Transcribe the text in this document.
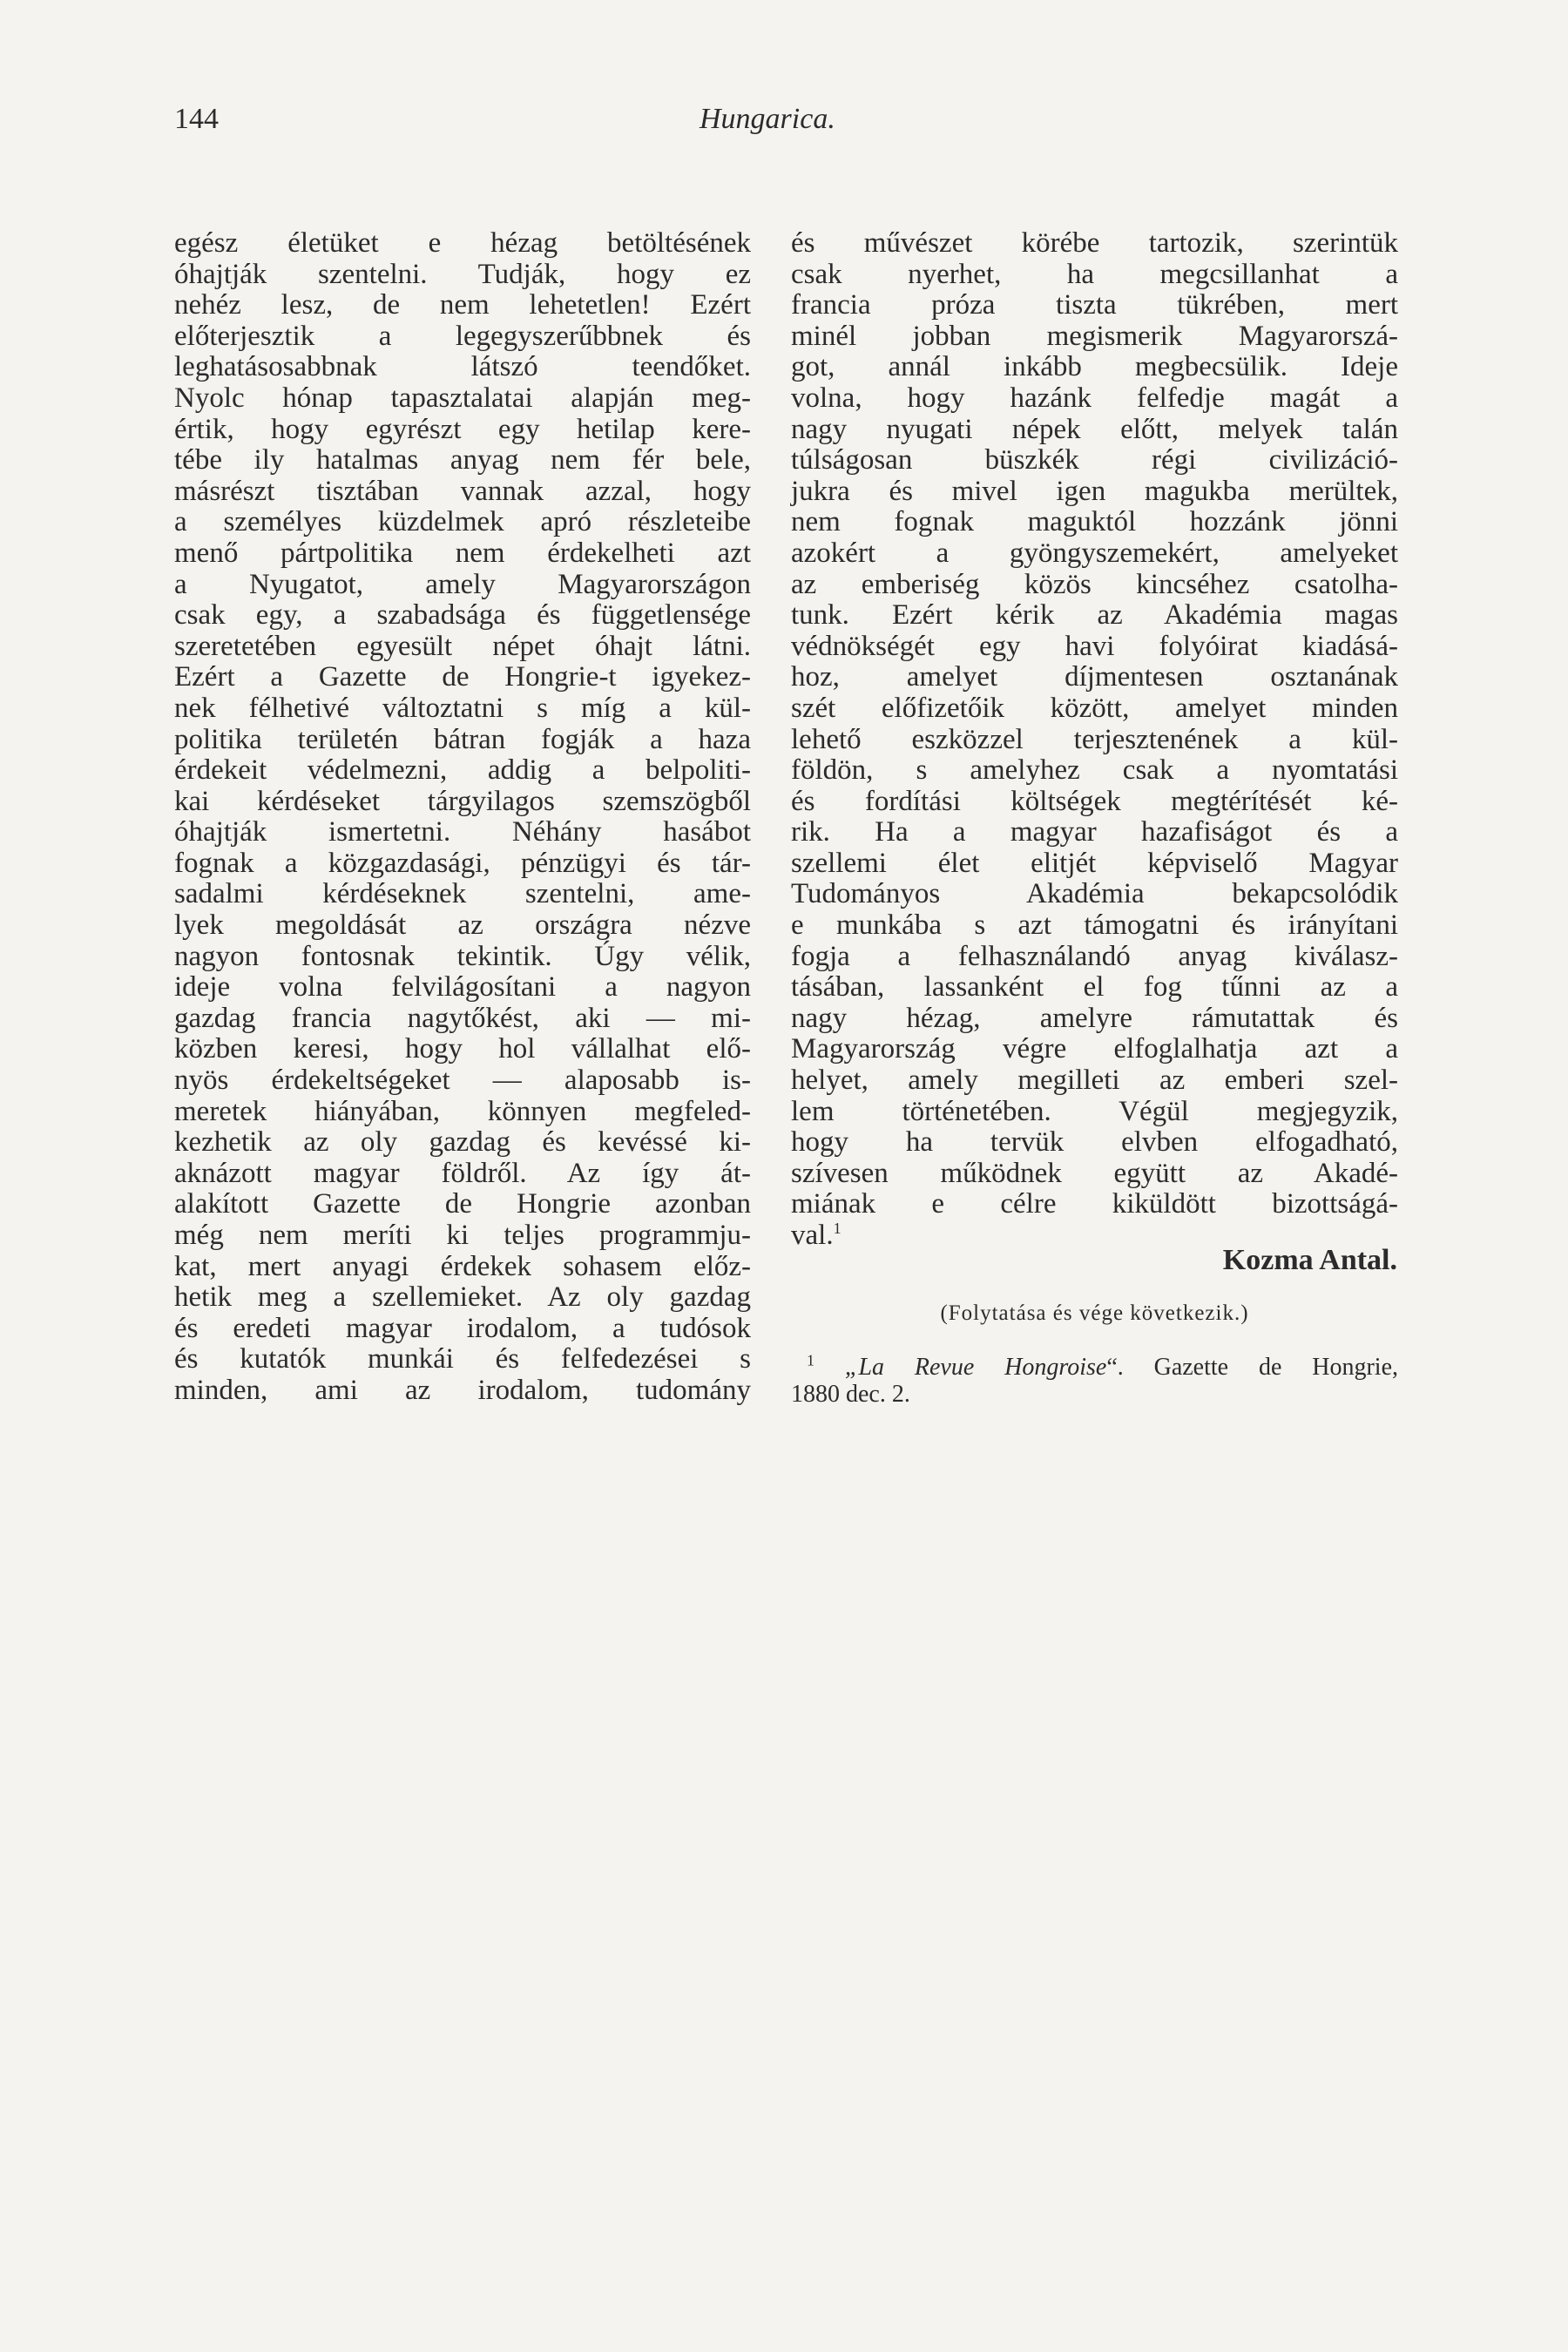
144	Hungarica.
egész életüket e hézag betöltésének
óhajtják szentelni. Tudják, hogy ez
nehéz lesz, de nem lehetetlen! Ezért
előterjesztik a legegyszerűbbnek és
leghatásosabbnak látszó teendőket.
Nyolc hónap tapasztalatai alapján meg-
értik, hogy egyrészt egy hetilap kere-
tébe ily hatalmas anyag nem fér bele,
másrészt tisztában vannak azzal, hogy
a személyes küzdelmek apró részleteibe
menő pártpolitika nem érdekelheti azt
a Nyugatot, amely Magyarországon
csak egy, a szabadsága és függetlensége
szeretetében egyesült népet óhajt látni.
Ezért a Gazette de Hongrie-t igyekez-
nek félhetivé változtatni s míg a kül-
politika területén bátran fogják a haza
érdekeit védelmezni, addig a belpoliti-
kai kérdéseket tárgyilagos szemszögből
óhajtják ismertetni. Néhány hasábot
fognak a közgazdasági, pénzügyi és tár-
sadalmi kérdéseknek szentelni, ame-
lyek megoldását az országra nézve
nagyon fontosnak tekintik. Úgy vélik,
ideje volna felvilágosítani a nagyon
gazdag francia nagytőkést, aki — mi-
közben keresi, hogy hol vállalhat elő-
nyös érdekeltségeket — alaposabb is-
meretek hiányában, könnyen megfeled-
kezhetik az oly gazdag és kevéssé ki-
aknázott magyar földről. Az így át-
alakított Gazette de Hongrie azonban
még nem meríti ki teljes programmju-
kat, mert anyagi érdekek sohasem előz-
hetik meg a szellemieket. Az oly gazdag
és eredeti magyar irodalom, a tudósok
és kutatók munkái és felfedezései s
minden, ami az irodalom, tudomány
és művészet körébe tartozik, szerintük
csak nyerhet, ha megcsillanhat a
francia próza tiszta tükrében, mert
minél jobban megismerik Magyarorszá-
got, annál inkább megbecsülik. Ideje
volna, hogy hazánk felfedje magát a
nagy nyugati népek előtt, melyek talán
túlságosan büszkék régi civilizáció-
jukra és mivel igen magukba merültek,
nem fognak maguktól hozzánk jönni
azokért a gyöngyszemekért, amelyeket
az emberiség közös kincséhez csatolha-
tunk. Ezért kérik az Akadémia magas
védnökségét egy havi folyóirat kiadásá-
hoz, amelyet díjmentesen osztanának
szét előfizetőik között, amelyet minden
lehető eszközzel terjesztenének a kül-
földön, s amelyhez csak a nyomtatási
és fordítási költségek megtérítését ké-
rik. Ha a magyar hazafiságot és a
szellemi élet elitjét képviselő Magyar
Tudományos Akadémia bekapcsolódik
e munkába s azt támogatni és irányítani
fogja a felhasználandó anyag kiválasz-
tásában, lassanként el fog tűnni az a
nagy hézag, amelyre rámutattak és
Magyarország végre elfoglalhatja azt a
helyet, amely megilleti az emberi szel-
lem történetében. Végül megjegyzik,
hogy ha tervük elvben elfogadható,
szívesen működnek együtt az Akadé-
miának e célre kiküldött bizottságá-
val.$^1$
Kozma Antal.
(Folytatása és vége következik.)
$^1$ „La Revue Hongroise“. Gazette de Hongrie,
1880 dec. 2.
